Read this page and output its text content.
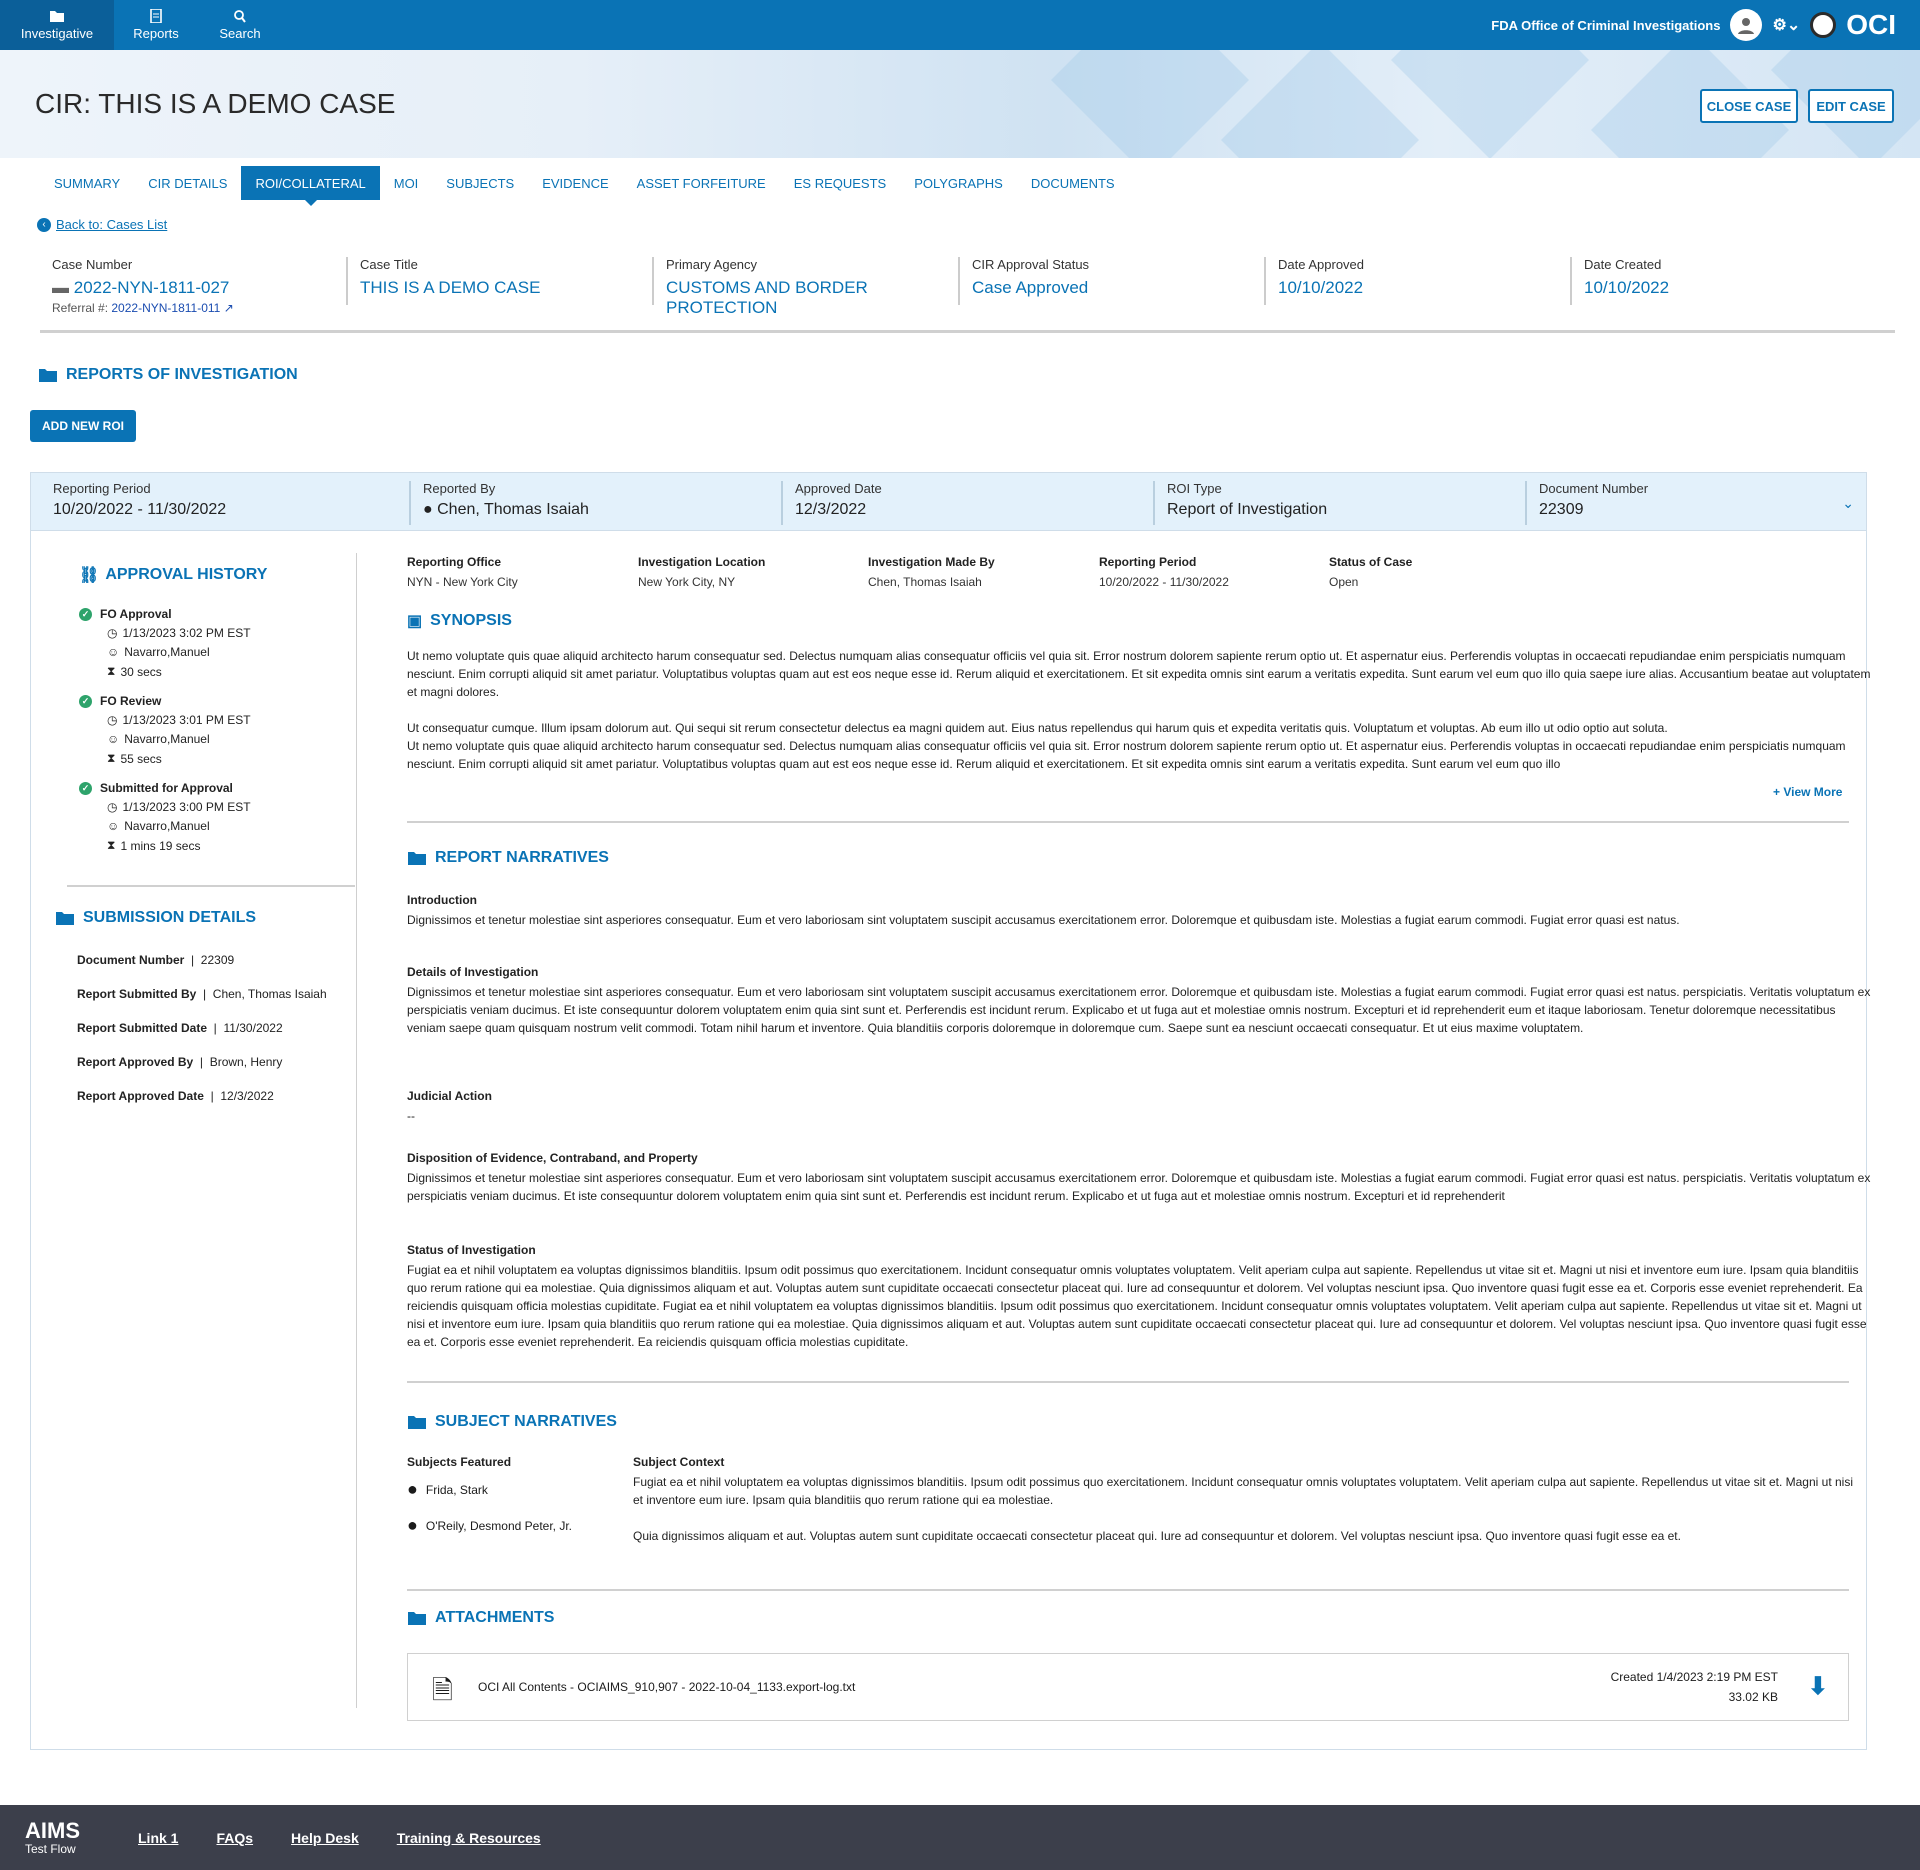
Investigative	Reports	Search
FDA Office of Criminal Investigations	⚙⌄ OCI
CIR: THIS IS A DEMO CASE	CLOSE CASE	EDIT CASE
SUMMARY	CIR DETAILS	ROI/COLLATERAL	MOI	SUBJECTS	EVIDENCE	ASSET FORFEITURE	ES REQUESTS	POLYGRAPHS	DOCUMENTS
‹ Back to: Cases List
Case Number
▬ 2022-NYN-1811-027
Referral #: 2022-NYN-1811-011 ↗
Case Title
THIS IS A DEMO CASE
Primary Agency
CUSTOMS AND BORDER PROTECTION
CIR Approval Status
Case Approved
Date Approved
10/10/2022
Date Created
10/10/2022
REPORTS OF INVESTIGATION
ADD NEW ROI
Reporting Period
10/20/2022 - 11/30/2022
Reported By
● Chen, Thomas Isaiah
Approved Date
12/3/2022
ROI Type
Report of Investigation
Document Number
22309	⌄
⛓ APPROVAL HISTORY
✓ FO Approval
◷ 1/13/2023 3:02 PM EST
☺ Navarro,Manuel
⧗ 30 secs
✓ FO Review
◷ 1/13/2023 3:01 PM EST
☺ Navarro,Manuel
⧗ 55 secs
✓ Submitted for Approval
◷ 1/13/2023 3:00 PM EST
☺ Navarro,Manuel
⧗ 1 mins 19 secs
SUBMISSION DETAILS
Document Number  |  22309
Report Submitted By  |  Chen, Thomas Isaiah
Report Submitted Date  |  11/30/2022
Report Approved By  |  Brown, Henry
Report Approved Date  |  12/3/2022
Reporting Office
NYN - New York City
Investigation Location
New York City, NY
Investigation Made By
Chen, Thomas Isaiah
Reporting Period
10/20/2022 - 11/30/2022
Status of Case
Open
▣ SYNOPSIS
Ut nemo voluptate quis quae aliquid architecto harum consequatur sed. Delectus numquam alias consequatur officiis vel quia sit. Error nostrum dolorem sapiente rerum optio ut. Et aspernatur eius. Perferendis voluptas in occaecati repudiandae enim perspiciatis numquam nesciunt. Enim corrupti aliquid sit amet pariatur. Voluptatibus voluptas quam aut est eos neque esse id. Rerum aliquid et exercitationem. Et sit expedita omnis sint earum a veritatis expedita. Sunt earum vel eum quo illo quia saepe iure alias. Accusantium beatae aut voluptatem et magni dolores.
Ut consequatur cumque. Illum ipsam dolorum aut. Qui sequi sit rerum consectetur delectus ea magni quidem aut. Eius natus repellendus qui harum quis et expedita veritatis quis. Voluptatum et voluptas. Ab eum illo ut odio optio aut soluta.
Ut nemo voluptate quis quae aliquid architecto harum consequatur sed. Delectus numquam alias consequatur officiis vel quia sit. Error nostrum dolorem sapiente rerum optio ut. Et aspernatur eius. Perferendis voluptas in occaecati repudiandae enim perspiciatis numquam nesciunt. Enim corrupti aliquid sit amet pariatur. Voluptatibus voluptas quam aut est eos neque esse id. Rerum aliquid et exercitationem. Et sit expedita omnis sint earum a veritatis expedita. Sunt earum vel eum quo illo
+ View More
REPORT NARRATIVES
Introduction
Dignissimos et tenetur molestiae sint asperiores consequatur. Eum et vero laboriosam sint voluptatem suscipit accusamus exercitationem error. Doloremque et quibusdam iste. Molestias a fugiat earum commodi. Fugiat error quasi est natus.
Details of Investigation
Dignissimos et tenetur molestiae sint asperiores consequatur. Eum et vero laboriosam sint voluptatem suscipit accusamus exercitationem error. Doloremque et quibusdam iste. Molestias a fugiat earum commodi. Fugiat error quasi est natus. perspiciatis. Veritatis voluptatum ex perspiciatis veniam ducimus. Et iste consequuntur dolorem voluptatem enim quia sint sunt et. Perferendis est incidunt rerum. Explicabo et ut fuga aut et molestiae omnis nostrum. Excepturi et id reprehenderit eum et itaque laboriosam. Tenetur doloremque necessitatibus veniam saepe quam quisquam nostrum velit commodi. Totam nihil harum et inventore. Quia blanditiis corporis doloremque in doloremque cum. Saepe sunt ea nesciunt occaecati consequatur. Et ut eius maxime voluptatem.
Judicial Action
--
Disposition of Evidence, Contraband, and Property
Dignissimos et tenetur molestiae sint asperiores consequatur. Eum et vero laboriosam sint voluptatem suscipit accusamus exercitationem error. Doloremque et quibusdam iste. Molestias a fugiat earum commodi. Fugiat error quasi est natus. perspiciatis. Veritatis voluptatum ex perspiciatis veniam ducimus. Et iste consequuntur dolorem voluptatem enim quia sint sunt et. Perferendis est incidunt rerum. Explicabo et ut fuga aut et molestiae omnis nostrum. Excepturi et id reprehenderit
Status of Investigation
Fugiat ea et nihil voluptatem ea voluptas dignissimos blanditiis. Ipsum odit possimus quo exercitationem. Incidunt consequatur omnis voluptates voluptatem. Velit aperiam culpa aut sapiente. Repellendus ut vitae sit et. Magni ut nisi et inventore eum iure. Ipsam quia blanditiis quo rerum ratione qui ea molestiae. Quia dignissimos aliquam et aut. Voluptas autem sunt cupiditate occaecati consectetur placeat qui. Iure ad consequuntur et dolorem. Vel voluptas nesciunt ipsa. Quo inventore quasi fugit esse ea et. Corporis esse eveniet reprehenderit. Ea reiciendis quisquam officia molestias cupiditate. Fugiat ea et nihil voluptatem ea voluptas dignissimos blanditiis. Ipsum odit possimus quo exercitationem. Incidunt consequatur omnis voluptates voluptatem. Velit aperiam culpa aut sapiente. Repellendus ut vitae sit et. Magni ut nisi et inventore eum iure. Ipsam quia blanditiis quo rerum ratione qui ea molestiae. Quia dignissimos aliquam et aut. Voluptas autem sunt cupiditate occaecati consectetur placeat qui. Iure ad consequuntur et dolorem. Vel voluptas nesciunt ipsa. Quo inventore quasi fugit esse ea et. Corporis esse eveniet reprehenderit. Ea reiciendis quisquam officia molestias cupiditate.
SUBJECT NARRATIVES
Subjects Featured
● Frida, Stark
● O'Reily, Desmond Peter, Jr.
Subject Context
Fugiat ea et nihil voluptatem ea voluptas dignissimos blanditiis. Ipsum odit possimus quo exercitationem. Incidunt consequatur omnis voluptates voluptatem. Velit aperiam culpa aut sapiente. Repellendus ut vitae sit et. Magni ut nisi et inventore eum iure. Ipsam quia blanditiis quo rerum ratione qui ea molestiae.
Quia dignissimos aliquam et aut. Voluptas autem sunt cupiditate occaecati consectetur placeat qui. Iure ad consequuntur et dolorem. Vel voluptas nesciunt ipsa. Quo inventore quasi fugit esse ea et.
ATTACHMENTS
🗎 OCI All Contents - OCIAIMS_910,907 - 2022-10-04_1133.export-log.txt
Created 1/4/2023 2:19 PM EST
33.02 KB ⬇
AIMS
Test Flow
Link 1	FAQs	Help Desk	Training & Resources
